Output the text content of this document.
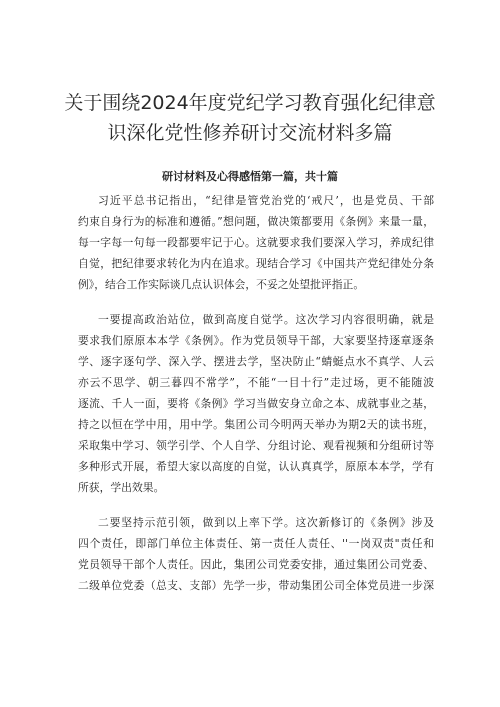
关于围绕2024年度党纪学习教育强化纪律意
识深化党性修养研讨交流材料多篇
研讨材料及心得感悟第一篇，共十篇
习近平总书记指出，“纪律是管党治党的‘戒尺’，也是党员、干部
约束自身行为的标准和遵循。”想问题，做决策都要用《条例》来量一量，
每一字每一句每一段都要牢记于心。这就要求我们要深入学习，养成纪律
自觉，把纪律要求转化为内在追求。现结合学习《中国共产党纪律处分条
例》，结合工作实际谈几点认识体会，不妥之处望批评指正。
一要提高政治站位，做到高度自觉学。这次学习内容很明确，就是
要求我们原原本本学《条例》。作为党员领导干部，大家要坚持逐章逐条
学、逐字逐句学、深入学、摆进去学，坚决防止“蜻蜓点水不真学、人云
亦云不思学、朝三暮四不常学”，不能“一目十行”走过场，更不能随波
逐流、千人一面，要将《条例》学习当做安身立命之本、成就事业之基，
持之以恒在学中用，用中学。集团公司今明两天举办为期2天的读书班，
采取集中学习、领学引学、个人自学、分组讨论、观看视频和分组研讨等
多种形式开展，希望大家以高度的自觉，认认真真学，原原本本学，学有
所获，学出效果。
二要坚持示范引领，做到以上率下学。这次新修订的《条例》涉及
四个责任，即部门单位主体责任、第一责任人责任、''一岗双责"责任和
党员领导干部个人责任。因此，集团公司党委安排，通过集团公司党委、
二级单位党委（总支、支部）先学一步，带动集团公司全体党员进一步深
